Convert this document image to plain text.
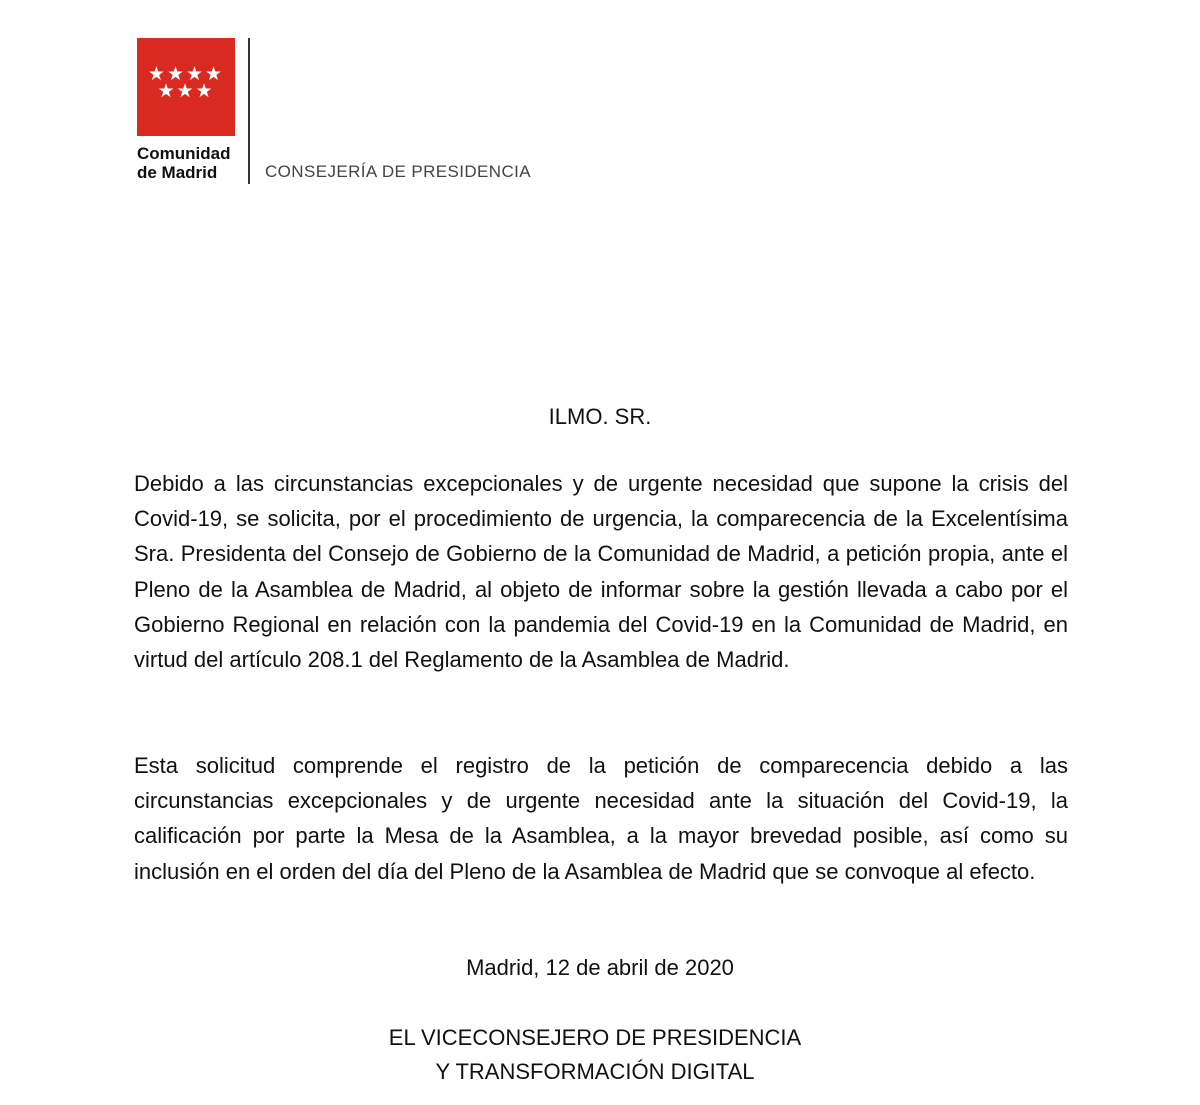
★★★★
★★★
Comunidad
de Madrid	CONSEJERÍA DE PRESIDENCIA
ILMO. SR.

Debido a las circunstancias excepcionales y de urgente necesidad que supone la crisis del Covid-19, se solicita, por el procedimiento de urgencia, la comparecencia de la Excelentísima Sra. Presidenta del Consejo de Gobierno de la Comunidad de Madrid, a petición propia, ante el Pleno de la Asamblea de Madrid, al objeto de informar sobre la gestión llevada a cabo por el Gobierno Regional en relación con la pandemia del Covid-19 en la Comunidad de Madrid, en virtud del artículo 208.1 del Reglamento de la Asamblea de Madrid.

Esta solicitud comprende el registro de la petición de comparecencia debido a las circunstancias excepcionales y de urgente necesidad ante la situación del Covid-19, la calificación por parte la Mesa de la Asamblea, a la mayor brevedad posible, así como su inclusión en el orden del día del Pleno de la Asamblea de Madrid que se convoque al efecto.

Madrid, 12 de abril de 2020
EL VICECONSEJERO DE PRESIDENCIA
Y TRANSFORMACIÓN DIGITAL
